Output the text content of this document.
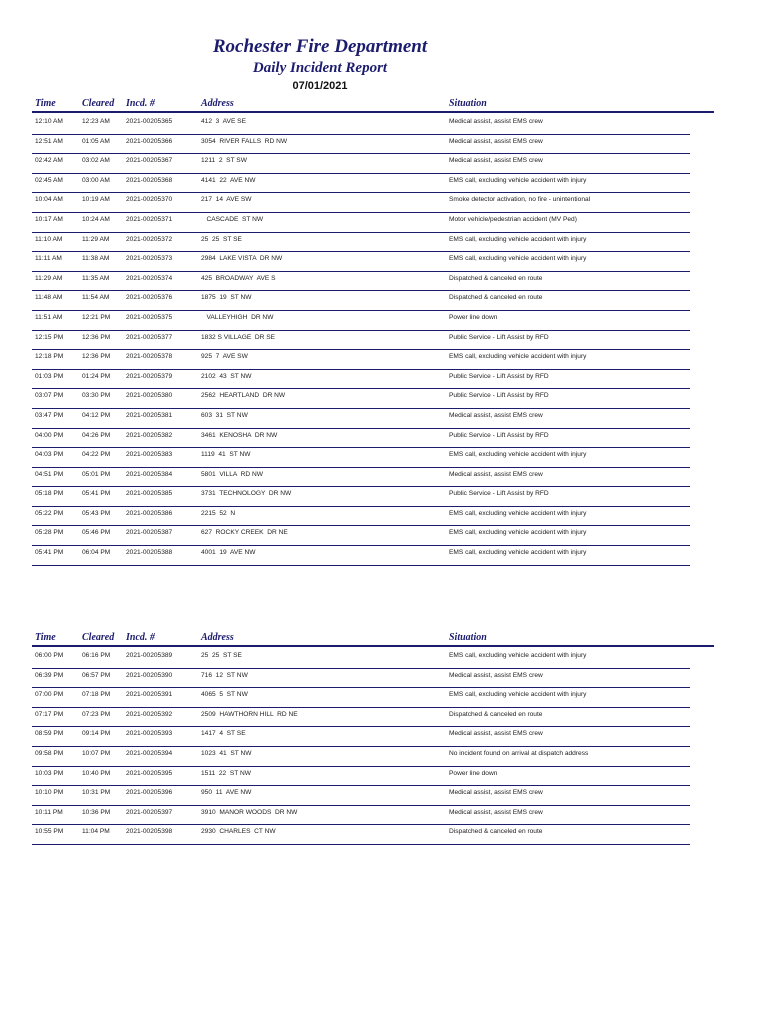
Rochester Fire Department
Daily Incident Report
07/01/2021
Time	Cleared Incd. #	Address	Situation
12:10 AM	12:23 AM 2021-00205365	412  3  AVE SE	Medical assist, assist EMS crew
12:51 AM	01:05 AM 2021-00205366	3054  RIVER FALLS  RD NW	Medical assist, assist EMS crew
02:42 AM	03:02 AM 2021-00205367	1211  2  ST SW	Medical assist, assist EMS crew
02:45 AM	03:00 AM 2021-00205368	4141  22  AVE NW	EMS call, excluding vehicle accident with injury
10:04 AM	10:19 AM 2021-00205370	217  14  AVE SW	Smoke detector activation, no fire - unintentional
10:17 AM	10:24 AM 2021-00205371	CASCADE  ST NW	Motor vehicle/pedestrian accident (MV Ped)
11:10 AM	11:29 AM	2021-00205372	25  25  ST SE	EMS call, excluding vehicle accident with injury
11:11 AM	11:38 AM	2021-00205373	2984  LAKE VISTA  DR NW	EMS call, excluding vehicle accident with injury
11:29 AM	11:35 AM	2021-00205374	425  BROADWAY  AVE S	Dispatched & canceled en route
11:48 AM	11:54 AM	2021-00205376	1875  19  ST NW	Dispatched & canceled en route
11:51 AM	12:21 PM 2021-00205375	VALLEYHIGH  DR NW	Power line down
12:15 PM	12:36 PM 2021-00205377	1832 S VILLAGE  DR SE	Public Service - Lift Assist by RFD
12:18 PM	12:36 PM 2021-00205378	925  7  AVE SW	EMS call, excluding vehicle accident with injury
01:03 PM	01:24 PM 2021-00205379	2102  43  ST NW	Public Service - Lift Assist by RFD
03:07 PM	03:30 PM 2021-00205380	2562  HEARTLAND  DR NW	Public Service - Lift Assist by RFD
03:47 PM	04:12 PM 2021-00205381	603  31  ST NW	Medical assist, assist EMS crew
04:00 PM	04:26 PM 2021-00205382	3461  KENOSHA  DR NW	Public Service - Lift Assist by RFD
04:03 PM	04:22 PM 2021-00205383	1119  41  ST NW	EMS call, excluding vehicle accident with injury
04:51 PM	05:01 PM 2021-00205384	5801  VILLA  RD NW	Medical assist, assist EMS crew
05:18 PM	05:41 PM 2021-00205385	3731  TECHNOLOGY  DR NW	Public Service - Lift Assist by RFD
05:22 PM	05:43 PM 2021-00205386	2215  52  N	EMS call, excluding vehicle accident with injury
05:28 PM	05:46 PM 2021-00205387	627  ROCKY CREEK  DR NE	EMS call, excluding vehicle accident with injury
05:41 PM	06:04 PM 2021-00205388	4001  19  AVE NW	EMS call, excluding vehicle accident with injury
Time	Cleared Incd. #	Address	Situation
06:00 PM	06:16 PM 2021-00205389	25  25  ST SE	EMS call, excluding vehicle accident with injury
06:39 PM	06:57 PM 2021-00205390	716  12  ST NW	Medical assist, assist EMS crew
07:00 PM	07:18 PM 2021-00205391	4065  5  ST NW	EMS call, excluding vehicle accident with injury
07:17 PM	07:23 PM 2021-00205392	2509  HAWTHORN HILL  RD NE	Dispatched & canceled en route
08:59 PM	09:14 PM 2021-00205393	1417  4  ST SE	Medical assist, assist EMS crew
09:58 PM	10:07 PM 2021-00205394	1023  41  ST NW	No incident found on arrival at dispatch address
10:03 PM	10:40 PM 2021-00205395	1511  22  ST NW	Power line down
10:10 PM	10:31 PM 2021-00205396	950  11  AVE NW	Medical assist, assist EMS crew
10:11 PM	10:36 PM 2021-00205397	3910  MANOR WOODS  DR NW	Medical assist, assist EMS crew
10:55 PM	11:04 PM 2021-00205398	2930  CHARLES  CT NW	Dispatched & canceled en route
